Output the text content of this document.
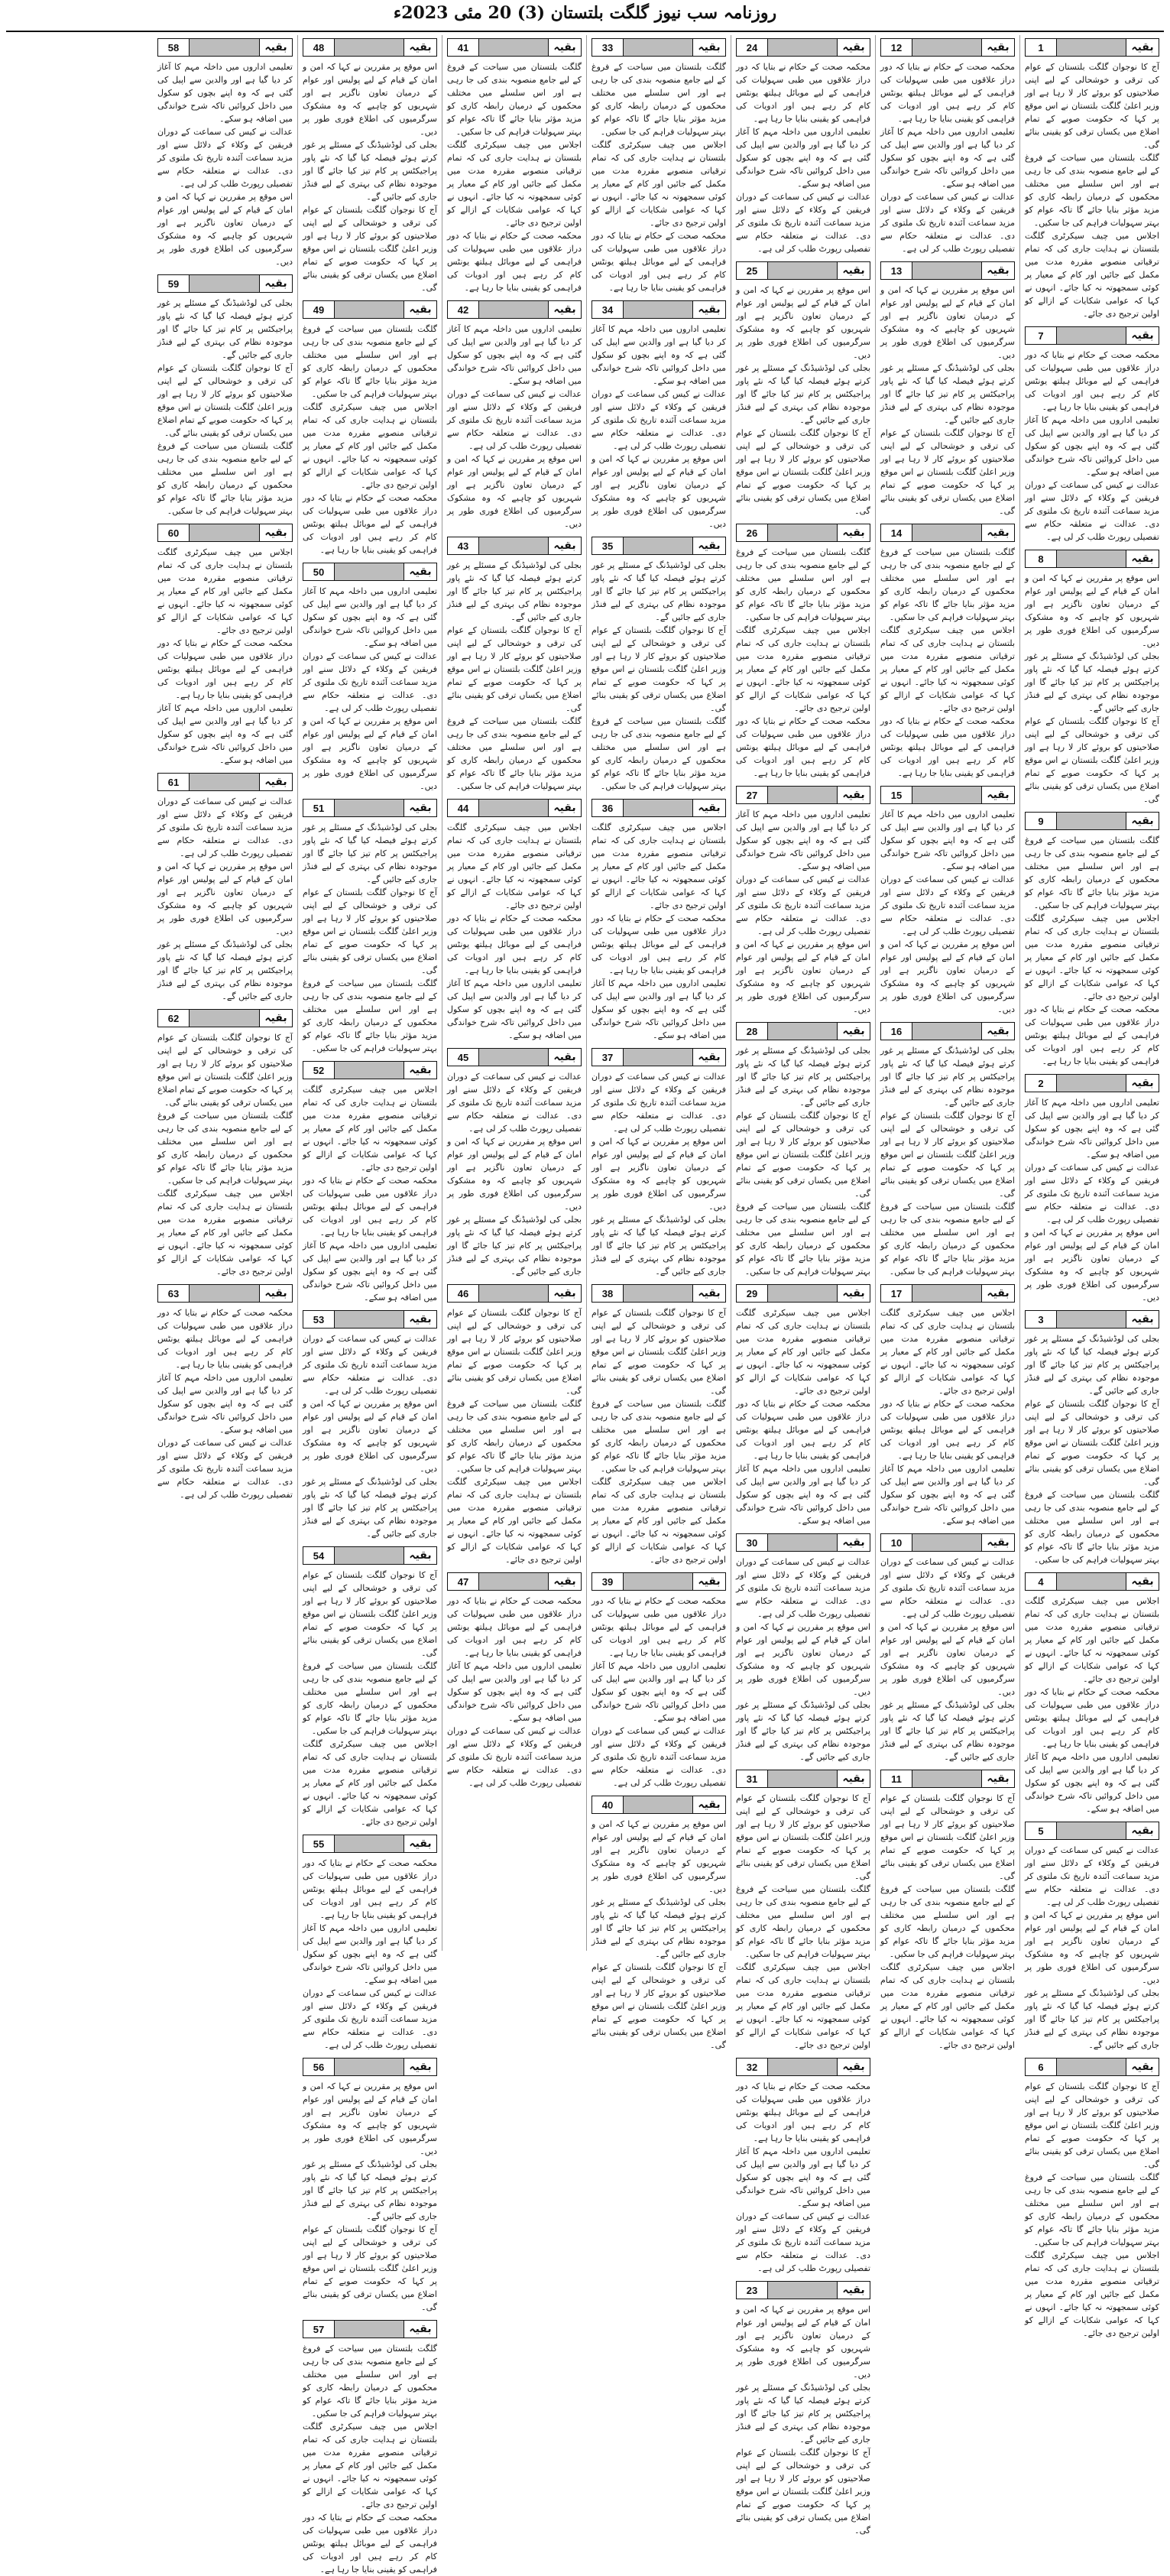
روزنامہ سب نیوز گلگت بلتستان (3) 20 مئی 2023ء
1	بقیہ

آج کا نوجوان گلگت بلتستان کے عوام کی ترقی و خوشحالی کے لیے اپنی صلاحیتوں کو بروئے کار لا رہا ہے اور وزیر اعلیٰ گلگت بلتستان نے اس موقع پر کہا کہ حکومت صوبے کے تمام اضلاع میں یکساں ترقی کو یقینی بنائے گی۔

گلگت بلتستان میں سیاحت کے فروغ کے لیے جامع منصوبہ بندی کی جا رہی ہے اور اس سلسلے میں مختلف محکموں کے درمیان رابطہ کاری کو مزید مؤثر بنایا جائے گا تاکہ عوام کو بہتر سہولیات فراہم کی جا سکیں۔

اجلاس میں چیف سیکرٹری گلگت بلتستان نے ہدایت جاری کی کہ تمام ترقیاتی منصوبے مقررہ مدت میں مکمل کیے جائیں اور کام کے معیار پر کوئی سمجھوتہ نہ کیا جائے۔ انہوں نے کہا کہ عوامی شکایات کے ازالے کو اولین ترجیح دی جائے۔

7	بقیہ

محکمہ صحت کے حکام نے بتایا کہ دور دراز علاقوں میں طبی سہولیات کی فراہمی کے لیے موبائل ہیلتھ یونٹس کام کر رہے ہیں اور ادویات کی فراہمی کو یقینی بنایا جا رہا ہے۔

تعلیمی اداروں میں داخلہ مہم کا آغاز کر دیا گیا ہے اور والدین سے اپیل کی گئی ہے کہ وہ اپنے بچوں کو سکول میں داخل کروائیں تاکہ شرح خواندگی میں اضافہ ہو سکے۔

عدالت نے کیس کی سماعت کے دوران فریقین کے وکلاء کے دلائل سنے اور مزید سماعت آئندہ تاریخ تک ملتوی کر دی۔ عدالت نے متعلقہ حکام سے تفصیلی رپورٹ طلب کر لی ہے۔

8	بقیہ

اس موقع پر مقررین نے کہا کہ امن و امان کے قیام کے لیے پولیس اور عوام کے درمیان تعاون ناگزیر ہے اور شہریوں کو چاہیے کہ وہ مشکوک سرگرمیوں کی اطلاع فوری طور پر دیں۔

بجلی کی لوڈشیڈنگ کے مسئلے پر غور کرتے ہوئے فیصلہ کیا گیا کہ نئے پاور پراجیکٹس پر کام تیز کیا جائے گا اور موجودہ نظام کی بہتری کے لیے فنڈز جاری کیے جائیں گے۔

آج کا نوجوان گلگت بلتستان کے عوام کی ترقی و خوشحالی کے لیے اپنی صلاحیتوں کو بروئے کار لا رہا ہے اور وزیر اعلیٰ گلگت بلتستان نے اس موقع پر کہا کہ حکومت صوبے کے تمام اضلاع میں یکساں ترقی کو یقینی بنائے گی۔

9	بقیہ

گلگت بلتستان میں سیاحت کے فروغ کے لیے جامع منصوبہ بندی کی جا رہی ہے اور اس سلسلے میں مختلف محکموں کے درمیان رابطہ کاری کو مزید مؤثر بنایا جائے گا تاکہ عوام کو بہتر سہولیات فراہم کی جا سکیں۔

اجلاس میں چیف سیکرٹری گلگت بلتستان نے ہدایت جاری کی کہ تمام ترقیاتی منصوبے مقررہ مدت میں مکمل کیے جائیں اور کام کے معیار پر کوئی سمجھوتہ نہ کیا جائے۔ انہوں نے کہا کہ عوامی شکایات کے ازالے کو اولین ترجیح دی جائے۔

محکمہ صحت کے حکام نے بتایا کہ دور دراز علاقوں میں طبی سہولیات کی فراہمی کے لیے موبائل ہیلتھ یونٹس کام کر رہے ہیں اور ادویات کی فراہمی کو یقینی بنایا جا رہا ہے۔

2	بقیہ

تعلیمی اداروں میں داخلہ مہم کا آغاز کر دیا گیا ہے اور والدین سے اپیل کی گئی ہے کہ وہ اپنے بچوں کو سکول میں داخل کروائیں تاکہ شرح خواندگی میں اضافہ ہو سکے۔

عدالت نے کیس کی سماعت کے دوران فریقین کے وکلاء کے دلائل سنے اور مزید سماعت آئندہ تاریخ تک ملتوی کر دی۔ عدالت نے متعلقہ حکام سے تفصیلی رپورٹ طلب کر لی ہے۔

اس موقع پر مقررین نے کہا کہ امن و امان کے قیام کے لیے پولیس اور عوام کے درمیان تعاون ناگزیر ہے اور شہریوں کو چاہیے کہ وہ مشکوک سرگرمیوں کی اطلاع فوری طور پر دیں۔

3	بقیہ

بجلی کی لوڈشیڈنگ کے مسئلے پر غور کرتے ہوئے فیصلہ کیا گیا کہ نئے پاور پراجیکٹس پر کام تیز کیا جائے گا اور موجودہ نظام کی بہتری کے لیے فنڈز جاری کیے جائیں گے۔

آج کا نوجوان گلگت بلتستان کے عوام کی ترقی و خوشحالی کے لیے اپنی صلاحیتوں کو بروئے کار لا رہا ہے اور وزیر اعلیٰ گلگت بلتستان نے اس موقع پر کہا کہ حکومت صوبے کے تمام اضلاع میں یکساں ترقی کو یقینی بنائے گی۔

گلگت بلتستان میں سیاحت کے فروغ کے لیے جامع منصوبہ بندی کی جا رہی ہے اور اس سلسلے میں مختلف محکموں کے درمیان رابطہ کاری کو مزید مؤثر بنایا جائے گا تاکہ عوام کو بہتر سہولیات فراہم کی جا سکیں۔

4	بقیہ

اجلاس میں چیف سیکرٹری گلگت بلتستان نے ہدایت جاری کی کہ تمام ترقیاتی منصوبے مقررہ مدت میں مکمل کیے جائیں اور کام کے معیار پر کوئی سمجھوتہ نہ کیا جائے۔ انہوں نے کہا کہ عوامی شکایات کے ازالے کو اولین ترجیح دی جائے۔

محکمہ صحت کے حکام نے بتایا کہ دور دراز علاقوں میں طبی سہولیات کی فراہمی کے لیے موبائل ہیلتھ یونٹس کام کر رہے ہیں اور ادویات کی فراہمی کو یقینی بنایا جا رہا ہے۔

تعلیمی اداروں میں داخلہ مہم کا آغاز کر دیا گیا ہے اور والدین سے اپیل کی گئی ہے کہ وہ اپنے بچوں کو سکول میں داخل کروائیں تاکہ شرح خواندگی میں اضافہ ہو سکے۔

5	بقیہ

عدالت نے کیس کی سماعت کے دوران فریقین کے وکلاء کے دلائل سنے اور مزید سماعت آئندہ تاریخ تک ملتوی کر دی۔ عدالت نے متعلقہ حکام سے تفصیلی رپورٹ طلب کر لی ہے۔

اس موقع پر مقررین نے کہا کہ امن و امان کے قیام کے لیے پولیس اور عوام کے درمیان تعاون ناگزیر ہے اور شہریوں کو چاہیے کہ وہ مشکوک سرگرمیوں کی اطلاع فوری طور پر دیں۔

بجلی کی لوڈشیڈنگ کے مسئلے پر غور کرتے ہوئے فیصلہ کیا گیا کہ نئے پاور پراجیکٹس پر کام تیز کیا جائے گا اور موجودہ نظام کی بہتری کے لیے فنڈز جاری کیے جائیں گے۔

6	بقیہ

آج کا نوجوان گلگت بلتستان کے عوام کی ترقی و خوشحالی کے لیے اپنی صلاحیتوں کو بروئے کار لا رہا ہے اور وزیر اعلیٰ گلگت بلتستان نے اس موقع پر کہا کہ حکومت صوبے کے تمام اضلاع میں یکساں ترقی کو یقینی بنائے گی۔

گلگت بلتستان میں سیاحت کے فروغ کے لیے جامع منصوبہ بندی کی جا رہی ہے اور اس سلسلے میں مختلف محکموں کے درمیان رابطہ کاری کو مزید مؤثر بنایا جائے گا تاکہ عوام کو بہتر سہولیات فراہم کی جا سکیں۔

اجلاس میں چیف سیکرٹری گلگت بلتستان نے ہدایت جاری کی کہ تمام ترقیاتی منصوبے مقررہ مدت میں مکمل کیے جائیں اور کام کے معیار پر کوئی سمجھوتہ نہ کیا جائے۔ انہوں نے کہا کہ عوامی شکایات کے ازالے کو اولین ترجیح دی جائے۔

12	بقیہ

محکمہ صحت کے حکام نے بتایا کہ دور دراز علاقوں میں طبی سہولیات کی فراہمی کے لیے موبائل ہیلتھ یونٹس کام کر رہے ہیں اور ادویات کی فراہمی کو یقینی بنایا جا رہا ہے۔

تعلیمی اداروں میں داخلہ مہم کا آغاز کر دیا گیا ہے اور والدین سے اپیل کی گئی ہے کہ وہ اپنے بچوں کو سکول میں داخل کروائیں تاکہ شرح خواندگی میں اضافہ ہو سکے۔

عدالت نے کیس کی سماعت کے دوران فریقین کے وکلاء کے دلائل سنے اور مزید سماعت آئندہ تاریخ تک ملتوی کر دی۔ عدالت نے متعلقہ حکام سے تفصیلی رپورٹ طلب کر لی ہے۔

13	بقیہ

اس موقع پر مقررین نے کہا کہ امن و امان کے قیام کے لیے پولیس اور عوام کے درمیان تعاون ناگزیر ہے اور شہریوں کو چاہیے کہ وہ مشکوک سرگرمیوں کی اطلاع فوری طور پر دیں۔

بجلی کی لوڈشیڈنگ کے مسئلے پر غور کرتے ہوئے فیصلہ کیا گیا کہ نئے پاور پراجیکٹس پر کام تیز کیا جائے گا اور موجودہ نظام کی بہتری کے لیے فنڈز جاری کیے جائیں گے۔

آج کا نوجوان گلگت بلتستان کے عوام کی ترقی و خوشحالی کے لیے اپنی صلاحیتوں کو بروئے کار لا رہا ہے اور وزیر اعلیٰ گلگت بلتستان نے اس موقع پر کہا کہ حکومت صوبے کے تمام اضلاع میں یکساں ترقی کو یقینی بنائے گی۔

14	بقیہ

گلگت بلتستان میں سیاحت کے فروغ کے لیے جامع منصوبہ بندی کی جا رہی ہے اور اس سلسلے میں مختلف محکموں کے درمیان رابطہ کاری کو مزید مؤثر بنایا جائے گا تاکہ عوام کو بہتر سہولیات فراہم کی جا سکیں۔

اجلاس میں چیف سیکرٹری گلگت بلتستان نے ہدایت جاری کی کہ تمام ترقیاتی منصوبے مقررہ مدت میں مکمل کیے جائیں اور کام کے معیار پر کوئی سمجھوتہ نہ کیا جائے۔ انہوں نے کہا کہ عوامی شکایات کے ازالے کو اولین ترجیح دی جائے۔

محکمہ صحت کے حکام نے بتایا کہ دور دراز علاقوں میں طبی سہولیات کی فراہمی کے لیے موبائل ہیلتھ یونٹس کام کر رہے ہیں اور ادویات کی فراہمی کو یقینی بنایا جا رہا ہے۔

15	بقیہ

تعلیمی اداروں میں داخلہ مہم کا آغاز کر دیا گیا ہے اور والدین سے اپیل کی گئی ہے کہ وہ اپنے بچوں کو سکول میں داخل کروائیں تاکہ شرح خواندگی میں اضافہ ہو سکے۔

عدالت نے کیس کی سماعت کے دوران فریقین کے وکلاء کے دلائل سنے اور مزید سماعت آئندہ تاریخ تک ملتوی کر دی۔ عدالت نے متعلقہ حکام سے تفصیلی رپورٹ طلب کر لی ہے۔

اس موقع پر مقررین نے کہا کہ امن و امان کے قیام کے لیے پولیس اور عوام کے درمیان تعاون ناگزیر ہے اور شہریوں کو چاہیے کہ وہ مشکوک سرگرمیوں کی اطلاع فوری طور پر دیں۔

16	بقیہ

بجلی کی لوڈشیڈنگ کے مسئلے پر غور کرتے ہوئے فیصلہ کیا گیا کہ نئے پاور پراجیکٹس پر کام تیز کیا جائے گا اور موجودہ نظام کی بہتری کے لیے فنڈز جاری کیے جائیں گے۔

آج کا نوجوان گلگت بلتستان کے عوام کی ترقی و خوشحالی کے لیے اپنی صلاحیتوں کو بروئے کار لا رہا ہے اور وزیر اعلیٰ گلگت بلتستان نے اس موقع پر کہا کہ حکومت صوبے کے تمام اضلاع میں یکساں ترقی کو یقینی بنائے گی۔

گلگت بلتستان میں سیاحت کے فروغ کے لیے جامع منصوبہ بندی کی جا رہی ہے اور اس سلسلے میں مختلف محکموں کے درمیان رابطہ کاری کو مزید مؤثر بنایا جائے گا تاکہ عوام کو بہتر سہولیات فراہم کی جا سکیں۔

17	بقیہ

اجلاس میں چیف سیکرٹری گلگت بلتستان نے ہدایت جاری کی کہ تمام ترقیاتی منصوبے مقررہ مدت میں مکمل کیے جائیں اور کام کے معیار پر کوئی سمجھوتہ نہ کیا جائے۔ انہوں نے کہا کہ عوامی شکایات کے ازالے کو اولین ترجیح دی جائے۔

محکمہ صحت کے حکام نے بتایا کہ دور دراز علاقوں میں طبی سہولیات کی فراہمی کے لیے موبائل ہیلتھ یونٹس کام کر رہے ہیں اور ادویات کی فراہمی کو یقینی بنایا جا رہا ہے۔

تعلیمی اداروں میں داخلہ مہم کا آغاز کر دیا گیا ہے اور والدین سے اپیل کی گئی ہے کہ وہ اپنے بچوں کو سکول میں داخل کروائیں تاکہ شرح خواندگی میں اضافہ ہو سکے۔

10	بقیہ

عدالت نے کیس کی سماعت کے دوران فریقین کے وکلاء کے دلائل سنے اور مزید سماعت آئندہ تاریخ تک ملتوی کر دی۔ عدالت نے متعلقہ حکام سے تفصیلی رپورٹ طلب کر لی ہے۔

اس موقع پر مقررین نے کہا کہ امن و امان کے قیام کے لیے پولیس اور عوام کے درمیان تعاون ناگزیر ہے اور شہریوں کو چاہیے کہ وہ مشکوک سرگرمیوں کی اطلاع فوری طور پر دیں۔

بجلی کی لوڈشیڈنگ کے مسئلے پر غور کرتے ہوئے فیصلہ کیا گیا کہ نئے پاور پراجیکٹس پر کام تیز کیا جائے گا اور موجودہ نظام کی بہتری کے لیے فنڈز جاری کیے جائیں گے۔

11	بقیہ

آج کا نوجوان گلگت بلتستان کے عوام کی ترقی و خوشحالی کے لیے اپنی صلاحیتوں کو بروئے کار لا رہا ہے اور وزیر اعلیٰ گلگت بلتستان نے اس موقع پر کہا کہ حکومت صوبے کے تمام اضلاع میں یکساں ترقی کو یقینی بنائے گی۔

گلگت بلتستان میں سیاحت کے فروغ کے لیے جامع منصوبہ بندی کی جا رہی ہے اور اس سلسلے میں مختلف محکموں کے درمیان رابطہ کاری کو مزید مؤثر بنایا جائے گا تاکہ عوام کو بہتر سہولیات فراہم کی جا سکیں۔

اجلاس میں چیف سیکرٹری گلگت بلتستان نے ہدایت جاری کی کہ تمام ترقیاتی منصوبے مقررہ مدت میں مکمل کیے جائیں اور کام کے معیار پر کوئی سمجھوتہ نہ کیا جائے۔ انہوں نے کہا کہ عوامی شکایات کے ازالے کو اولین ترجیح دی جائے۔

24	بقیہ

محکمہ صحت کے حکام نے بتایا کہ دور دراز علاقوں میں طبی سہولیات کی فراہمی کے لیے موبائل ہیلتھ یونٹس کام کر رہے ہیں اور ادویات کی فراہمی کو یقینی بنایا جا رہا ہے۔

تعلیمی اداروں میں داخلہ مہم کا آغاز کر دیا گیا ہے اور والدین سے اپیل کی گئی ہے کہ وہ اپنے بچوں کو سکول میں داخل کروائیں تاکہ شرح خواندگی میں اضافہ ہو سکے۔

عدالت نے کیس کی سماعت کے دوران فریقین کے وکلاء کے دلائل سنے اور مزید سماعت آئندہ تاریخ تک ملتوی کر دی۔ عدالت نے متعلقہ حکام سے تفصیلی رپورٹ طلب کر لی ہے۔

25	بقیہ

اس موقع پر مقررین نے کہا کہ امن و امان کے قیام کے لیے پولیس اور عوام کے درمیان تعاون ناگزیر ہے اور شہریوں کو چاہیے کہ وہ مشکوک سرگرمیوں کی اطلاع فوری طور پر دیں۔

بجلی کی لوڈشیڈنگ کے مسئلے پر غور کرتے ہوئے فیصلہ کیا گیا کہ نئے پاور پراجیکٹس پر کام تیز کیا جائے گا اور موجودہ نظام کی بہتری کے لیے فنڈز جاری کیے جائیں گے۔

آج کا نوجوان گلگت بلتستان کے عوام کی ترقی و خوشحالی کے لیے اپنی صلاحیتوں کو بروئے کار لا رہا ہے اور وزیر اعلیٰ گلگت بلتستان نے اس موقع پر کہا کہ حکومت صوبے کے تمام اضلاع میں یکساں ترقی کو یقینی بنائے گی۔

26	بقیہ

گلگت بلتستان میں سیاحت کے فروغ کے لیے جامع منصوبہ بندی کی جا رہی ہے اور اس سلسلے میں مختلف محکموں کے درمیان رابطہ کاری کو مزید مؤثر بنایا جائے گا تاکہ عوام کو بہتر سہولیات فراہم کی جا سکیں۔

اجلاس میں چیف سیکرٹری گلگت بلتستان نے ہدایت جاری کی کہ تمام ترقیاتی منصوبے مقررہ مدت میں مکمل کیے جائیں اور کام کے معیار پر کوئی سمجھوتہ نہ کیا جائے۔ انہوں نے کہا کہ عوامی شکایات کے ازالے کو اولین ترجیح دی جائے۔

محکمہ صحت کے حکام نے بتایا کہ دور دراز علاقوں میں طبی سہولیات کی فراہمی کے لیے موبائل ہیلتھ یونٹس کام کر رہے ہیں اور ادویات کی فراہمی کو یقینی بنایا جا رہا ہے۔

27	بقیہ

تعلیمی اداروں میں داخلہ مہم کا آغاز کر دیا گیا ہے اور والدین سے اپیل کی گئی ہے کہ وہ اپنے بچوں کو سکول میں داخل کروائیں تاکہ شرح خواندگی میں اضافہ ہو سکے۔

عدالت نے کیس کی سماعت کے دوران فریقین کے وکلاء کے دلائل سنے اور مزید سماعت آئندہ تاریخ تک ملتوی کر دی۔ عدالت نے متعلقہ حکام سے تفصیلی رپورٹ طلب کر لی ہے۔

اس موقع پر مقررین نے کہا کہ امن و امان کے قیام کے لیے پولیس اور عوام کے درمیان تعاون ناگزیر ہے اور شہریوں کو چاہیے کہ وہ مشکوک سرگرمیوں کی اطلاع فوری طور پر دیں۔

28	بقیہ

بجلی کی لوڈشیڈنگ کے مسئلے پر غور کرتے ہوئے فیصلہ کیا گیا کہ نئے پاور پراجیکٹس پر کام تیز کیا جائے گا اور موجودہ نظام کی بہتری کے لیے فنڈز جاری کیے جائیں گے۔

آج کا نوجوان گلگت بلتستان کے عوام کی ترقی و خوشحالی کے لیے اپنی صلاحیتوں کو بروئے کار لا رہا ہے اور وزیر اعلیٰ گلگت بلتستان نے اس موقع پر کہا کہ حکومت صوبے کے تمام اضلاع میں یکساں ترقی کو یقینی بنائے گی۔

گلگت بلتستان میں سیاحت کے فروغ کے لیے جامع منصوبہ بندی کی جا رہی ہے اور اس سلسلے میں مختلف محکموں کے درمیان رابطہ کاری کو مزید مؤثر بنایا جائے گا تاکہ عوام کو بہتر سہولیات فراہم کی جا سکیں۔

29	بقیہ

اجلاس میں چیف سیکرٹری گلگت بلتستان نے ہدایت جاری کی کہ تمام ترقیاتی منصوبے مقررہ مدت میں مکمل کیے جائیں اور کام کے معیار پر کوئی سمجھوتہ نہ کیا جائے۔ انہوں نے کہا کہ عوامی شکایات کے ازالے کو اولین ترجیح دی جائے۔

محکمہ صحت کے حکام نے بتایا کہ دور دراز علاقوں میں طبی سہولیات کی فراہمی کے لیے موبائل ہیلتھ یونٹس کام کر رہے ہیں اور ادویات کی فراہمی کو یقینی بنایا جا رہا ہے۔

تعلیمی اداروں میں داخلہ مہم کا آغاز کر دیا گیا ہے اور والدین سے اپیل کی گئی ہے کہ وہ اپنے بچوں کو سکول میں داخل کروائیں تاکہ شرح خواندگی میں اضافہ ہو سکے۔

30	بقیہ

عدالت نے کیس کی سماعت کے دوران فریقین کے وکلاء کے دلائل سنے اور مزید سماعت آئندہ تاریخ تک ملتوی کر دی۔ عدالت نے متعلقہ حکام سے تفصیلی رپورٹ طلب کر لی ہے۔

اس موقع پر مقررین نے کہا کہ امن و امان کے قیام کے لیے پولیس اور عوام کے درمیان تعاون ناگزیر ہے اور شہریوں کو چاہیے کہ وہ مشکوک سرگرمیوں کی اطلاع فوری طور پر دیں۔

بجلی کی لوڈشیڈنگ کے مسئلے پر غور کرتے ہوئے فیصلہ کیا گیا کہ نئے پاور پراجیکٹس پر کام تیز کیا جائے گا اور موجودہ نظام کی بہتری کے لیے فنڈز جاری کیے جائیں گے۔

31	بقیہ

آج کا نوجوان گلگت بلتستان کے عوام کی ترقی و خوشحالی کے لیے اپنی صلاحیتوں کو بروئے کار لا رہا ہے اور وزیر اعلیٰ گلگت بلتستان نے اس موقع پر کہا کہ حکومت صوبے کے تمام اضلاع میں یکساں ترقی کو یقینی بنائے گی۔

گلگت بلتستان میں سیاحت کے فروغ کے لیے جامع منصوبہ بندی کی جا رہی ہے اور اس سلسلے میں مختلف محکموں کے درمیان رابطہ کاری کو مزید مؤثر بنایا جائے گا تاکہ عوام کو بہتر سہولیات فراہم کی جا سکیں۔

اجلاس میں چیف سیکرٹری گلگت بلتستان نے ہدایت جاری کی کہ تمام ترقیاتی منصوبے مقررہ مدت میں مکمل کیے جائیں اور کام کے معیار پر کوئی سمجھوتہ نہ کیا جائے۔ انہوں نے کہا کہ عوامی شکایات کے ازالے کو اولین ترجیح دی جائے۔

32	بقیہ

محکمہ صحت کے حکام نے بتایا کہ دور دراز علاقوں میں طبی سہولیات کی فراہمی کے لیے موبائل ہیلتھ یونٹس کام کر رہے ہیں اور ادویات کی فراہمی کو یقینی بنایا جا رہا ہے۔

تعلیمی اداروں میں داخلہ مہم کا آغاز کر دیا گیا ہے اور والدین سے اپیل کی گئی ہے کہ وہ اپنے بچوں کو سکول میں داخل کروائیں تاکہ شرح خواندگی میں اضافہ ہو سکے۔

عدالت نے کیس کی سماعت کے دوران فریقین کے وکلاء کے دلائل سنے اور مزید سماعت آئندہ تاریخ تک ملتوی کر دی۔ عدالت نے متعلقہ حکام سے تفصیلی رپورٹ طلب کر لی ہے۔

23	بقیہ

اس موقع پر مقررین نے کہا کہ امن و امان کے قیام کے لیے پولیس اور عوام کے درمیان تعاون ناگزیر ہے اور شہریوں کو چاہیے کہ وہ مشکوک سرگرمیوں کی اطلاع فوری طور پر دیں۔

بجلی کی لوڈشیڈنگ کے مسئلے پر غور کرتے ہوئے فیصلہ کیا گیا کہ نئے پاور پراجیکٹس پر کام تیز کیا جائے گا اور موجودہ نظام کی بہتری کے لیے فنڈز جاری کیے جائیں گے۔

آج کا نوجوان گلگت بلتستان کے عوام کی ترقی و خوشحالی کے لیے اپنی صلاحیتوں کو بروئے کار لا رہا ہے اور وزیر اعلیٰ گلگت بلتستان نے اس موقع پر کہا کہ حکومت صوبے کے تمام اضلاع میں یکساں ترقی کو یقینی بنائے گی۔

33	بقیہ

گلگت بلتستان میں سیاحت کے فروغ کے لیے جامع منصوبہ بندی کی جا رہی ہے اور اس سلسلے میں مختلف محکموں کے درمیان رابطہ کاری کو مزید مؤثر بنایا جائے گا تاکہ عوام کو بہتر سہولیات فراہم کی جا سکیں۔

اجلاس میں چیف سیکرٹری گلگت بلتستان نے ہدایت جاری کی کہ تمام ترقیاتی منصوبے مقررہ مدت میں مکمل کیے جائیں اور کام کے معیار پر کوئی سمجھوتہ نہ کیا جائے۔ انہوں نے کہا کہ عوامی شکایات کے ازالے کو اولین ترجیح دی جائے۔

محکمہ صحت کے حکام نے بتایا کہ دور دراز علاقوں میں طبی سہولیات کی فراہمی کے لیے موبائل ہیلتھ یونٹس کام کر رہے ہیں اور ادویات کی فراہمی کو یقینی بنایا جا رہا ہے۔

34	بقیہ

تعلیمی اداروں میں داخلہ مہم کا آغاز کر دیا گیا ہے اور والدین سے اپیل کی گئی ہے کہ وہ اپنے بچوں کو سکول میں داخل کروائیں تاکہ شرح خواندگی میں اضافہ ہو سکے۔

عدالت نے کیس کی سماعت کے دوران فریقین کے وکلاء کے دلائل سنے اور مزید سماعت آئندہ تاریخ تک ملتوی کر دی۔ عدالت نے متعلقہ حکام سے تفصیلی رپورٹ طلب کر لی ہے۔

اس موقع پر مقررین نے کہا کہ امن و امان کے قیام کے لیے پولیس اور عوام کے درمیان تعاون ناگزیر ہے اور شہریوں کو چاہیے کہ وہ مشکوک سرگرمیوں کی اطلاع فوری طور پر دیں۔

35	بقیہ

بجلی کی لوڈشیڈنگ کے مسئلے پر غور کرتے ہوئے فیصلہ کیا گیا کہ نئے پاور پراجیکٹس پر کام تیز کیا جائے گا اور موجودہ نظام کی بہتری کے لیے فنڈز جاری کیے جائیں گے۔

آج کا نوجوان گلگت بلتستان کے عوام کی ترقی و خوشحالی کے لیے اپنی صلاحیتوں کو بروئے کار لا رہا ہے اور وزیر اعلیٰ گلگت بلتستان نے اس موقع پر کہا کہ حکومت صوبے کے تمام اضلاع میں یکساں ترقی کو یقینی بنائے گی۔

گلگت بلتستان میں سیاحت کے فروغ کے لیے جامع منصوبہ بندی کی جا رہی ہے اور اس سلسلے میں مختلف محکموں کے درمیان رابطہ کاری کو مزید مؤثر بنایا جائے گا تاکہ عوام کو بہتر سہولیات فراہم کی جا سکیں۔

36	بقیہ

اجلاس میں چیف سیکرٹری گلگت بلتستان نے ہدایت جاری کی کہ تمام ترقیاتی منصوبے مقررہ مدت میں مکمل کیے جائیں اور کام کے معیار پر کوئی سمجھوتہ نہ کیا جائے۔ انہوں نے کہا کہ عوامی شکایات کے ازالے کو اولین ترجیح دی جائے۔

محکمہ صحت کے حکام نے بتایا کہ دور دراز علاقوں میں طبی سہولیات کی فراہمی کے لیے موبائل ہیلتھ یونٹس کام کر رہے ہیں اور ادویات کی فراہمی کو یقینی بنایا جا رہا ہے۔

تعلیمی اداروں میں داخلہ مہم کا آغاز کر دیا گیا ہے اور والدین سے اپیل کی گئی ہے کہ وہ اپنے بچوں کو سکول میں داخل کروائیں تاکہ شرح خواندگی میں اضافہ ہو سکے۔

37	بقیہ

عدالت نے کیس کی سماعت کے دوران فریقین کے وکلاء کے دلائل سنے اور مزید سماعت آئندہ تاریخ تک ملتوی کر دی۔ عدالت نے متعلقہ حکام سے تفصیلی رپورٹ طلب کر لی ہے۔

اس موقع پر مقررین نے کہا کہ امن و امان کے قیام کے لیے پولیس اور عوام کے درمیان تعاون ناگزیر ہے اور شہریوں کو چاہیے کہ وہ مشکوک سرگرمیوں کی اطلاع فوری طور پر دیں۔

بجلی کی لوڈشیڈنگ کے مسئلے پر غور کرتے ہوئے فیصلہ کیا گیا کہ نئے پاور پراجیکٹس پر کام تیز کیا جائے گا اور موجودہ نظام کی بہتری کے لیے فنڈز جاری کیے جائیں گے۔

38	بقیہ

آج کا نوجوان گلگت بلتستان کے عوام کی ترقی و خوشحالی کے لیے اپنی صلاحیتوں کو بروئے کار لا رہا ہے اور وزیر اعلیٰ گلگت بلتستان نے اس موقع پر کہا کہ حکومت صوبے کے تمام اضلاع میں یکساں ترقی کو یقینی بنائے گی۔

گلگت بلتستان میں سیاحت کے فروغ کے لیے جامع منصوبہ بندی کی جا رہی ہے اور اس سلسلے میں مختلف محکموں کے درمیان رابطہ کاری کو مزید مؤثر بنایا جائے گا تاکہ عوام کو بہتر سہولیات فراہم کی جا سکیں۔

اجلاس میں چیف سیکرٹری گلگت بلتستان نے ہدایت جاری کی کہ تمام ترقیاتی منصوبے مقررہ مدت میں مکمل کیے جائیں اور کام کے معیار پر کوئی سمجھوتہ نہ کیا جائے۔ انہوں نے کہا کہ عوامی شکایات کے ازالے کو اولین ترجیح دی جائے۔

39	بقیہ

محکمہ صحت کے حکام نے بتایا کہ دور دراز علاقوں میں طبی سہولیات کی فراہمی کے لیے موبائل ہیلتھ یونٹس کام کر رہے ہیں اور ادویات کی فراہمی کو یقینی بنایا جا رہا ہے۔

تعلیمی اداروں میں داخلہ مہم کا آغاز کر دیا گیا ہے اور والدین سے اپیل کی گئی ہے کہ وہ اپنے بچوں کو سکول میں داخل کروائیں تاکہ شرح خواندگی میں اضافہ ہو سکے۔

عدالت نے کیس کی سماعت کے دوران فریقین کے وکلاء کے دلائل سنے اور مزید سماعت آئندہ تاریخ تک ملتوی کر دی۔ عدالت نے متعلقہ حکام سے تفصیلی رپورٹ طلب کر لی ہے۔

40	بقیہ

اس موقع پر مقررین نے کہا کہ امن و امان کے قیام کے لیے پولیس اور عوام کے درمیان تعاون ناگزیر ہے اور شہریوں کو چاہیے کہ وہ مشکوک سرگرمیوں کی اطلاع فوری طور پر دیں۔

بجلی کی لوڈشیڈنگ کے مسئلے پر غور کرتے ہوئے فیصلہ کیا گیا کہ نئے پاور پراجیکٹس پر کام تیز کیا جائے گا اور موجودہ نظام کی بہتری کے لیے فنڈز جاری کیے جائیں گے۔

آج کا نوجوان گلگت بلتستان کے عوام کی ترقی و خوشحالی کے لیے اپنی صلاحیتوں کو بروئے کار لا رہا ہے اور وزیر اعلیٰ گلگت بلتستان نے اس موقع پر کہا کہ حکومت صوبے کے تمام اضلاع میں یکساں ترقی کو یقینی بنائے گی۔

41	بقیہ

گلگت بلتستان میں سیاحت کے فروغ کے لیے جامع منصوبہ بندی کی جا رہی ہے اور اس سلسلے میں مختلف محکموں کے درمیان رابطہ کاری کو مزید مؤثر بنایا جائے گا تاکہ عوام کو بہتر سہولیات فراہم کی جا سکیں۔

اجلاس میں چیف سیکرٹری گلگت بلتستان نے ہدایت جاری کی کہ تمام ترقیاتی منصوبے مقررہ مدت میں مکمل کیے جائیں اور کام کے معیار پر کوئی سمجھوتہ نہ کیا جائے۔ انہوں نے کہا کہ عوامی شکایات کے ازالے کو اولین ترجیح دی جائے۔

محکمہ صحت کے حکام نے بتایا کہ دور دراز علاقوں میں طبی سہولیات کی فراہمی کے لیے موبائل ہیلتھ یونٹس کام کر رہے ہیں اور ادویات کی فراہمی کو یقینی بنایا جا رہا ہے۔

42	بقیہ

تعلیمی اداروں میں داخلہ مہم کا آغاز کر دیا گیا ہے اور والدین سے اپیل کی گئی ہے کہ وہ اپنے بچوں کو سکول میں داخل کروائیں تاکہ شرح خواندگی میں اضافہ ہو سکے۔

عدالت نے کیس کی سماعت کے دوران فریقین کے وکلاء کے دلائل سنے اور مزید سماعت آئندہ تاریخ تک ملتوی کر دی۔ عدالت نے متعلقہ حکام سے تفصیلی رپورٹ طلب کر لی ہے۔

اس موقع پر مقررین نے کہا کہ امن و امان کے قیام کے لیے پولیس اور عوام کے درمیان تعاون ناگزیر ہے اور شہریوں کو چاہیے کہ وہ مشکوک سرگرمیوں کی اطلاع فوری طور پر دیں۔

43	بقیہ

بجلی کی لوڈشیڈنگ کے مسئلے پر غور کرتے ہوئے فیصلہ کیا گیا کہ نئے پاور پراجیکٹس پر کام تیز کیا جائے گا اور موجودہ نظام کی بہتری کے لیے فنڈز جاری کیے جائیں گے۔

آج کا نوجوان گلگت بلتستان کے عوام کی ترقی و خوشحالی کے لیے اپنی صلاحیتوں کو بروئے کار لا رہا ہے اور وزیر اعلیٰ گلگت بلتستان نے اس موقع پر کہا کہ حکومت صوبے کے تمام اضلاع میں یکساں ترقی کو یقینی بنائے گی۔

گلگت بلتستان میں سیاحت کے فروغ کے لیے جامع منصوبہ بندی کی جا رہی ہے اور اس سلسلے میں مختلف محکموں کے درمیان رابطہ کاری کو مزید مؤثر بنایا جائے گا تاکہ عوام کو بہتر سہولیات فراہم کی جا سکیں۔

44	بقیہ

اجلاس میں چیف سیکرٹری گلگت بلتستان نے ہدایت جاری کی کہ تمام ترقیاتی منصوبے مقررہ مدت میں مکمل کیے جائیں اور کام کے معیار پر کوئی سمجھوتہ نہ کیا جائے۔ انہوں نے کہا کہ عوامی شکایات کے ازالے کو اولین ترجیح دی جائے۔

محکمہ صحت کے حکام نے بتایا کہ دور دراز علاقوں میں طبی سہولیات کی فراہمی کے لیے موبائل ہیلتھ یونٹس کام کر رہے ہیں اور ادویات کی فراہمی کو یقینی بنایا جا رہا ہے۔

تعلیمی اداروں میں داخلہ مہم کا آغاز کر دیا گیا ہے اور والدین سے اپیل کی گئی ہے کہ وہ اپنے بچوں کو سکول میں داخل کروائیں تاکہ شرح خواندگی میں اضافہ ہو سکے۔

45	بقیہ

عدالت نے کیس کی سماعت کے دوران فریقین کے وکلاء کے دلائل سنے اور مزید سماعت آئندہ تاریخ تک ملتوی کر دی۔ عدالت نے متعلقہ حکام سے تفصیلی رپورٹ طلب کر لی ہے۔

اس موقع پر مقررین نے کہا کہ امن و امان کے قیام کے لیے پولیس اور عوام کے درمیان تعاون ناگزیر ہے اور شہریوں کو چاہیے کہ وہ مشکوک سرگرمیوں کی اطلاع فوری طور پر دیں۔

بجلی کی لوڈشیڈنگ کے مسئلے پر غور کرتے ہوئے فیصلہ کیا گیا کہ نئے پاور پراجیکٹس پر کام تیز کیا جائے گا اور موجودہ نظام کی بہتری کے لیے فنڈز جاری کیے جائیں گے۔

46	بقیہ

آج کا نوجوان گلگت بلتستان کے عوام کی ترقی و خوشحالی کے لیے اپنی صلاحیتوں کو بروئے کار لا رہا ہے اور وزیر اعلیٰ گلگت بلتستان نے اس موقع پر کہا کہ حکومت صوبے کے تمام اضلاع میں یکساں ترقی کو یقینی بنائے گی۔

گلگت بلتستان میں سیاحت کے فروغ کے لیے جامع منصوبہ بندی کی جا رہی ہے اور اس سلسلے میں مختلف محکموں کے درمیان رابطہ کاری کو مزید مؤثر بنایا جائے گا تاکہ عوام کو بہتر سہولیات فراہم کی جا سکیں۔

اجلاس میں چیف سیکرٹری گلگت بلتستان نے ہدایت جاری کی کہ تمام ترقیاتی منصوبے مقررہ مدت میں مکمل کیے جائیں اور کام کے معیار پر کوئی سمجھوتہ نہ کیا جائے۔ انہوں نے کہا کہ عوامی شکایات کے ازالے کو اولین ترجیح دی جائے۔

47	بقیہ

محکمہ صحت کے حکام نے بتایا کہ دور دراز علاقوں میں طبی سہولیات کی فراہمی کے لیے موبائل ہیلتھ یونٹس کام کر رہے ہیں اور ادویات کی فراہمی کو یقینی بنایا جا رہا ہے۔

تعلیمی اداروں میں داخلہ مہم کا آغاز کر دیا گیا ہے اور والدین سے اپیل کی گئی ہے کہ وہ اپنے بچوں کو سکول میں داخل کروائیں تاکہ شرح خواندگی میں اضافہ ہو سکے۔

عدالت نے کیس کی سماعت کے دوران فریقین کے وکلاء کے دلائل سنے اور مزید سماعت آئندہ تاریخ تک ملتوی کر دی۔ عدالت نے متعلقہ حکام سے تفصیلی رپورٹ طلب کر لی ہے۔

48	بقیہ

اس موقع پر مقررین نے کہا کہ امن و امان کے قیام کے لیے پولیس اور عوام کے درمیان تعاون ناگزیر ہے اور شہریوں کو چاہیے کہ وہ مشکوک سرگرمیوں کی اطلاع فوری طور پر دیں۔

بجلی کی لوڈشیڈنگ کے مسئلے پر غور کرتے ہوئے فیصلہ کیا گیا کہ نئے پاور پراجیکٹس پر کام تیز کیا جائے گا اور موجودہ نظام کی بہتری کے لیے فنڈز جاری کیے جائیں گے۔

آج کا نوجوان گلگت بلتستان کے عوام کی ترقی و خوشحالی کے لیے اپنی صلاحیتوں کو بروئے کار لا رہا ہے اور وزیر اعلیٰ گلگت بلتستان نے اس موقع پر کہا کہ حکومت صوبے کے تمام اضلاع میں یکساں ترقی کو یقینی بنائے گی۔

49	بقیہ

گلگت بلتستان میں سیاحت کے فروغ کے لیے جامع منصوبہ بندی کی جا رہی ہے اور اس سلسلے میں مختلف محکموں کے درمیان رابطہ کاری کو مزید مؤثر بنایا جائے گا تاکہ عوام کو بہتر سہولیات فراہم کی جا سکیں۔

اجلاس میں چیف سیکرٹری گلگت بلتستان نے ہدایت جاری کی کہ تمام ترقیاتی منصوبے مقررہ مدت میں مکمل کیے جائیں اور کام کے معیار پر کوئی سمجھوتہ نہ کیا جائے۔ انہوں نے کہا کہ عوامی شکایات کے ازالے کو اولین ترجیح دی جائے۔

محکمہ صحت کے حکام نے بتایا کہ دور دراز علاقوں میں طبی سہولیات کی فراہمی کے لیے موبائل ہیلتھ یونٹس کام کر رہے ہیں اور ادویات کی فراہمی کو یقینی بنایا جا رہا ہے۔

50	بقیہ

تعلیمی اداروں میں داخلہ مہم کا آغاز کر دیا گیا ہے اور والدین سے اپیل کی گئی ہے کہ وہ اپنے بچوں کو سکول میں داخل کروائیں تاکہ شرح خواندگی میں اضافہ ہو سکے۔

عدالت نے کیس کی سماعت کے دوران فریقین کے وکلاء کے دلائل سنے اور مزید سماعت آئندہ تاریخ تک ملتوی کر دی۔ عدالت نے متعلقہ حکام سے تفصیلی رپورٹ طلب کر لی ہے۔

اس موقع پر مقررین نے کہا کہ امن و امان کے قیام کے لیے پولیس اور عوام کے درمیان تعاون ناگزیر ہے اور شہریوں کو چاہیے کہ وہ مشکوک سرگرمیوں کی اطلاع فوری طور پر دیں۔

51	بقیہ

بجلی کی لوڈشیڈنگ کے مسئلے پر غور کرتے ہوئے فیصلہ کیا گیا کہ نئے پاور پراجیکٹس پر کام تیز کیا جائے گا اور موجودہ نظام کی بہتری کے لیے فنڈز جاری کیے جائیں گے۔

آج کا نوجوان گلگت بلتستان کے عوام کی ترقی و خوشحالی کے لیے اپنی صلاحیتوں کو بروئے کار لا رہا ہے اور وزیر اعلیٰ گلگت بلتستان نے اس موقع پر کہا کہ حکومت صوبے کے تمام اضلاع میں یکساں ترقی کو یقینی بنائے گی۔

گلگت بلتستان میں سیاحت کے فروغ کے لیے جامع منصوبہ بندی کی جا رہی ہے اور اس سلسلے میں مختلف محکموں کے درمیان رابطہ کاری کو مزید مؤثر بنایا جائے گا تاکہ عوام کو بہتر سہولیات فراہم کی جا سکیں۔

52	بقیہ

اجلاس میں چیف سیکرٹری گلگت بلتستان نے ہدایت جاری کی کہ تمام ترقیاتی منصوبے مقررہ مدت میں مکمل کیے جائیں اور کام کے معیار پر کوئی سمجھوتہ نہ کیا جائے۔ انہوں نے کہا کہ عوامی شکایات کے ازالے کو اولین ترجیح دی جائے۔

محکمہ صحت کے حکام نے بتایا کہ دور دراز علاقوں میں طبی سہولیات کی فراہمی کے لیے موبائل ہیلتھ یونٹس کام کر رہے ہیں اور ادویات کی فراہمی کو یقینی بنایا جا رہا ہے۔

تعلیمی اداروں میں داخلہ مہم کا آغاز کر دیا گیا ہے اور والدین سے اپیل کی گئی ہے کہ وہ اپنے بچوں کو سکول میں داخل کروائیں تاکہ شرح خواندگی میں اضافہ ہو سکے۔

53	بقیہ

عدالت نے کیس کی سماعت کے دوران فریقین کے وکلاء کے دلائل سنے اور مزید سماعت آئندہ تاریخ تک ملتوی کر دی۔ عدالت نے متعلقہ حکام سے تفصیلی رپورٹ طلب کر لی ہے۔

اس موقع پر مقررین نے کہا کہ امن و امان کے قیام کے لیے پولیس اور عوام کے درمیان تعاون ناگزیر ہے اور شہریوں کو چاہیے کہ وہ مشکوک سرگرمیوں کی اطلاع فوری طور پر دیں۔

بجلی کی لوڈشیڈنگ کے مسئلے پر غور کرتے ہوئے فیصلہ کیا گیا کہ نئے پاور پراجیکٹس پر کام تیز کیا جائے گا اور موجودہ نظام کی بہتری کے لیے فنڈز جاری کیے جائیں گے۔

54	بقیہ

آج کا نوجوان گلگت بلتستان کے عوام کی ترقی و خوشحالی کے لیے اپنی صلاحیتوں کو بروئے کار لا رہا ہے اور وزیر اعلیٰ گلگت بلتستان نے اس موقع پر کہا کہ حکومت صوبے کے تمام اضلاع میں یکساں ترقی کو یقینی بنائے گی۔

گلگت بلتستان میں سیاحت کے فروغ کے لیے جامع منصوبہ بندی کی جا رہی ہے اور اس سلسلے میں مختلف محکموں کے درمیان رابطہ کاری کو مزید مؤثر بنایا جائے گا تاکہ عوام کو بہتر سہولیات فراہم کی جا سکیں۔

اجلاس میں چیف سیکرٹری گلگت بلتستان نے ہدایت جاری کی کہ تمام ترقیاتی منصوبے مقررہ مدت میں مکمل کیے جائیں اور کام کے معیار پر کوئی سمجھوتہ نہ کیا جائے۔ انہوں نے کہا کہ عوامی شکایات کے ازالے کو اولین ترجیح دی جائے۔

55	بقیہ

محکمہ صحت کے حکام نے بتایا کہ دور دراز علاقوں میں طبی سہولیات کی فراہمی کے لیے موبائل ہیلتھ یونٹس کام کر رہے ہیں اور ادویات کی فراہمی کو یقینی بنایا جا رہا ہے۔

تعلیمی اداروں میں داخلہ مہم کا آغاز کر دیا گیا ہے اور والدین سے اپیل کی گئی ہے کہ وہ اپنے بچوں کو سکول میں داخل کروائیں تاکہ شرح خواندگی میں اضافہ ہو سکے۔

عدالت نے کیس کی سماعت کے دوران فریقین کے وکلاء کے دلائل سنے اور مزید سماعت آئندہ تاریخ تک ملتوی کر دی۔ عدالت نے متعلقہ حکام سے تفصیلی رپورٹ طلب کر لی ہے۔

56	بقیہ

اس موقع پر مقررین نے کہا کہ امن و امان کے قیام کے لیے پولیس اور عوام کے درمیان تعاون ناگزیر ہے اور شہریوں کو چاہیے کہ وہ مشکوک سرگرمیوں کی اطلاع فوری طور پر دیں۔

بجلی کی لوڈشیڈنگ کے مسئلے پر غور کرتے ہوئے فیصلہ کیا گیا کہ نئے پاور پراجیکٹس پر کام تیز کیا جائے گا اور موجودہ نظام کی بہتری کے لیے فنڈز جاری کیے جائیں گے۔

آج کا نوجوان گلگت بلتستان کے عوام کی ترقی و خوشحالی کے لیے اپنی صلاحیتوں کو بروئے کار لا رہا ہے اور وزیر اعلیٰ گلگت بلتستان نے اس موقع پر کہا کہ حکومت صوبے کے تمام اضلاع میں یکساں ترقی کو یقینی بنائے گی۔

57	بقیہ

گلگت بلتستان میں سیاحت کے فروغ کے لیے جامع منصوبہ بندی کی جا رہی ہے اور اس سلسلے میں مختلف محکموں کے درمیان رابطہ کاری کو مزید مؤثر بنایا جائے گا تاکہ عوام کو بہتر سہولیات فراہم کی جا سکیں۔

اجلاس میں چیف سیکرٹری گلگت بلتستان نے ہدایت جاری کی کہ تمام ترقیاتی منصوبے مقررہ مدت میں مکمل کیے جائیں اور کام کے معیار پر کوئی سمجھوتہ نہ کیا جائے۔ انہوں نے کہا کہ عوامی شکایات کے ازالے کو اولین ترجیح دی جائے۔

محکمہ صحت کے حکام نے بتایا کہ دور دراز علاقوں میں طبی سہولیات کی فراہمی کے لیے موبائل ہیلتھ یونٹس کام کر رہے ہیں اور ادویات کی فراہمی کو یقینی بنایا جا رہا ہے۔

58	بقیہ

تعلیمی اداروں میں داخلہ مہم کا آغاز کر دیا گیا ہے اور والدین سے اپیل کی گئی ہے کہ وہ اپنے بچوں کو سکول میں داخل کروائیں تاکہ شرح خواندگی میں اضافہ ہو سکے۔

عدالت نے کیس کی سماعت کے دوران فریقین کے وکلاء کے دلائل سنے اور مزید سماعت آئندہ تاریخ تک ملتوی کر دی۔ عدالت نے متعلقہ حکام سے تفصیلی رپورٹ طلب کر لی ہے۔

اس موقع پر مقررین نے کہا کہ امن و امان کے قیام کے لیے پولیس اور عوام کے درمیان تعاون ناگزیر ہے اور شہریوں کو چاہیے کہ وہ مشکوک سرگرمیوں کی اطلاع فوری طور پر دیں۔

59	بقیہ

بجلی کی لوڈشیڈنگ کے مسئلے پر غور کرتے ہوئے فیصلہ کیا گیا کہ نئے پاور پراجیکٹس پر کام تیز کیا جائے گا اور موجودہ نظام کی بہتری کے لیے فنڈز جاری کیے جائیں گے۔

آج کا نوجوان گلگت بلتستان کے عوام کی ترقی و خوشحالی کے لیے اپنی صلاحیتوں کو بروئے کار لا رہا ہے اور وزیر اعلیٰ گلگت بلتستان نے اس موقع پر کہا کہ حکومت صوبے کے تمام اضلاع میں یکساں ترقی کو یقینی بنائے گی۔

گلگت بلتستان میں سیاحت کے فروغ کے لیے جامع منصوبہ بندی کی جا رہی ہے اور اس سلسلے میں مختلف محکموں کے درمیان رابطہ کاری کو مزید مؤثر بنایا جائے گا تاکہ عوام کو بہتر سہولیات فراہم کی جا سکیں۔

60	بقیہ

اجلاس میں چیف سیکرٹری گلگت بلتستان نے ہدایت جاری کی کہ تمام ترقیاتی منصوبے مقررہ مدت میں مکمل کیے جائیں اور کام کے معیار پر کوئی سمجھوتہ نہ کیا جائے۔ انہوں نے کہا کہ عوامی شکایات کے ازالے کو اولین ترجیح دی جائے۔

محکمہ صحت کے حکام نے بتایا کہ دور دراز علاقوں میں طبی سہولیات کی فراہمی کے لیے موبائل ہیلتھ یونٹس کام کر رہے ہیں اور ادویات کی فراہمی کو یقینی بنایا جا رہا ہے۔

تعلیمی اداروں میں داخلہ مہم کا آغاز کر دیا گیا ہے اور والدین سے اپیل کی گئی ہے کہ وہ اپنے بچوں کو سکول میں داخل کروائیں تاکہ شرح خواندگی میں اضافہ ہو سکے۔

61	بقیہ

عدالت نے کیس کی سماعت کے دوران فریقین کے وکلاء کے دلائل سنے اور مزید سماعت آئندہ تاریخ تک ملتوی کر دی۔ عدالت نے متعلقہ حکام سے تفصیلی رپورٹ طلب کر لی ہے۔

اس موقع پر مقررین نے کہا کہ امن و امان کے قیام کے لیے پولیس اور عوام کے درمیان تعاون ناگزیر ہے اور شہریوں کو چاہیے کہ وہ مشکوک سرگرمیوں کی اطلاع فوری طور پر دیں۔

بجلی کی لوڈشیڈنگ کے مسئلے پر غور کرتے ہوئے فیصلہ کیا گیا کہ نئے پاور پراجیکٹس پر کام تیز کیا جائے گا اور موجودہ نظام کی بہتری کے لیے فنڈز جاری کیے جائیں گے۔

62	بقیہ

آج کا نوجوان گلگت بلتستان کے عوام کی ترقی و خوشحالی کے لیے اپنی صلاحیتوں کو بروئے کار لا رہا ہے اور وزیر اعلیٰ گلگت بلتستان نے اس موقع پر کہا کہ حکومت صوبے کے تمام اضلاع میں یکساں ترقی کو یقینی بنائے گی۔

گلگت بلتستان میں سیاحت کے فروغ کے لیے جامع منصوبہ بندی کی جا رہی ہے اور اس سلسلے میں مختلف محکموں کے درمیان رابطہ کاری کو مزید مؤثر بنایا جائے گا تاکہ عوام کو بہتر سہولیات فراہم کی جا سکیں۔

اجلاس میں چیف سیکرٹری گلگت بلتستان نے ہدایت جاری کی کہ تمام ترقیاتی منصوبے مقررہ مدت میں مکمل کیے جائیں اور کام کے معیار پر کوئی سمجھوتہ نہ کیا جائے۔ انہوں نے کہا کہ عوامی شکایات کے ازالے کو اولین ترجیح دی جائے۔

63	بقیہ

محکمہ صحت کے حکام نے بتایا کہ دور دراز علاقوں میں طبی سہولیات کی فراہمی کے لیے موبائل ہیلتھ یونٹس کام کر رہے ہیں اور ادویات کی فراہمی کو یقینی بنایا جا رہا ہے۔

تعلیمی اداروں میں داخلہ مہم کا آغاز کر دیا گیا ہے اور والدین سے اپیل کی گئی ہے کہ وہ اپنے بچوں کو سکول میں داخل کروائیں تاکہ شرح خواندگی میں اضافہ ہو سکے۔

عدالت نے کیس کی سماعت کے دوران فریقین کے وکلاء کے دلائل سنے اور مزید سماعت آئندہ تاریخ تک ملتوی کر دی۔ عدالت نے متعلقہ حکام سے تفصیلی رپورٹ طلب کر لی ہے۔
